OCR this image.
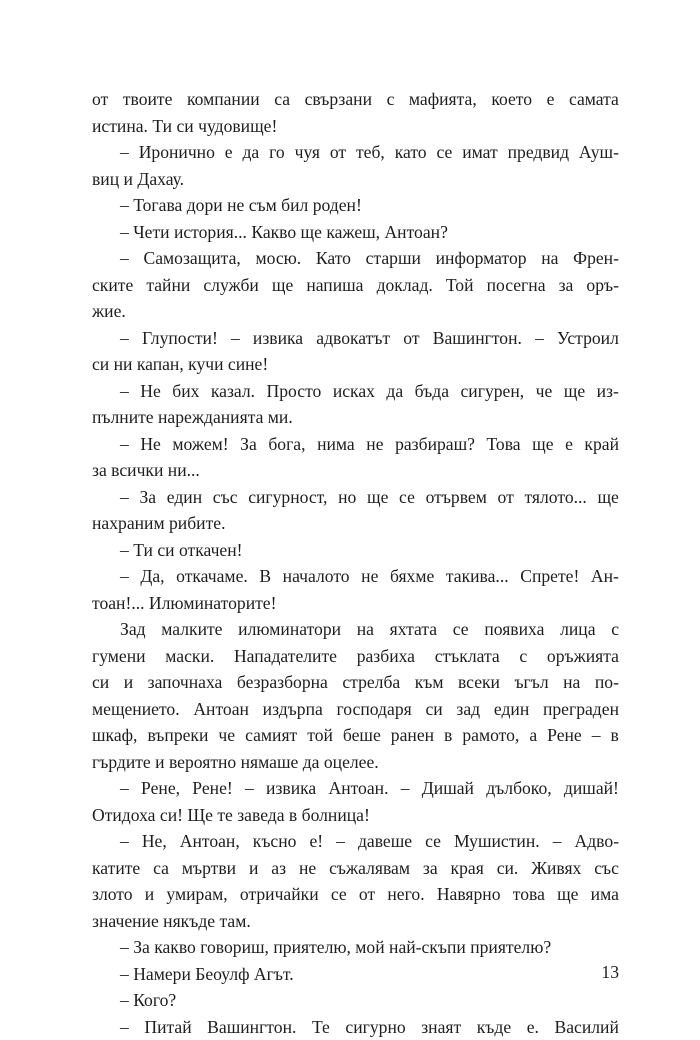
от твоите компании са свързани с мафията, което е самата
истина. Ти си чудовище!
– Иронично е да го чуя от теб, като се имат предвид Ауш-
виц и Дахау.
– Тогава дори не съм бил роден!
– Чети история... Какво ще кажеш, Антоан?
– Самозащита, мосю. Като старши информатор на Френ-
ските тайни служби ще напиша доклад. Той посегна за оръ-
жие.
– Глупости! – извика адвокатът от Вашингтон. – Устроил
си ни капан, кучи сине!
– Не бих казал. Просто исках да бъда сигурен, че ще из-
пълните нарежданията ми.
– Не можем! За бога, нима не разбираш? Това ще е край
за всички ни...
– За един със сигурност, но ще се отървем от тялото... ще
нахраним рибите.
– Ти си откачен!
– Да, откачаме. В началото не бяхме такива... Спрете! Ан-
тоан!... Илюминаторите!
Зад малките илюминатори на яхтата се появиха лица с
гумени маски. Нападателите разбиха стъклата с оръжията
си и започнаха безразборна стрелба към всеки ъгъл на по-
мещението. Антоан издърпа господаря си зад един преграден
шкаф, въпреки че самият той беше ранен в рамото, а Рене – в
гърдите и вероятно нямаше да оцелее.
– Рене, Рене! – извика Антоан. – Дишай дълбоко, дишай!
Отидоха си! Ще те заведа в болница!
– Не, Антоан, късно е! – давеше се Мушистин. – Адво-
катите са мъртви и аз не съжалявам за края си. Живях със
злото и умирам, отричайки се от него. Навярно това ще има
значение някъде там.
– За какво говориш, приятелю, мой най-скъпи приятелю?
– Намери Беоулф Агът.
– Кого?
– Питай Вашингтон. Те сигурно знаят къде е. Василий
13
